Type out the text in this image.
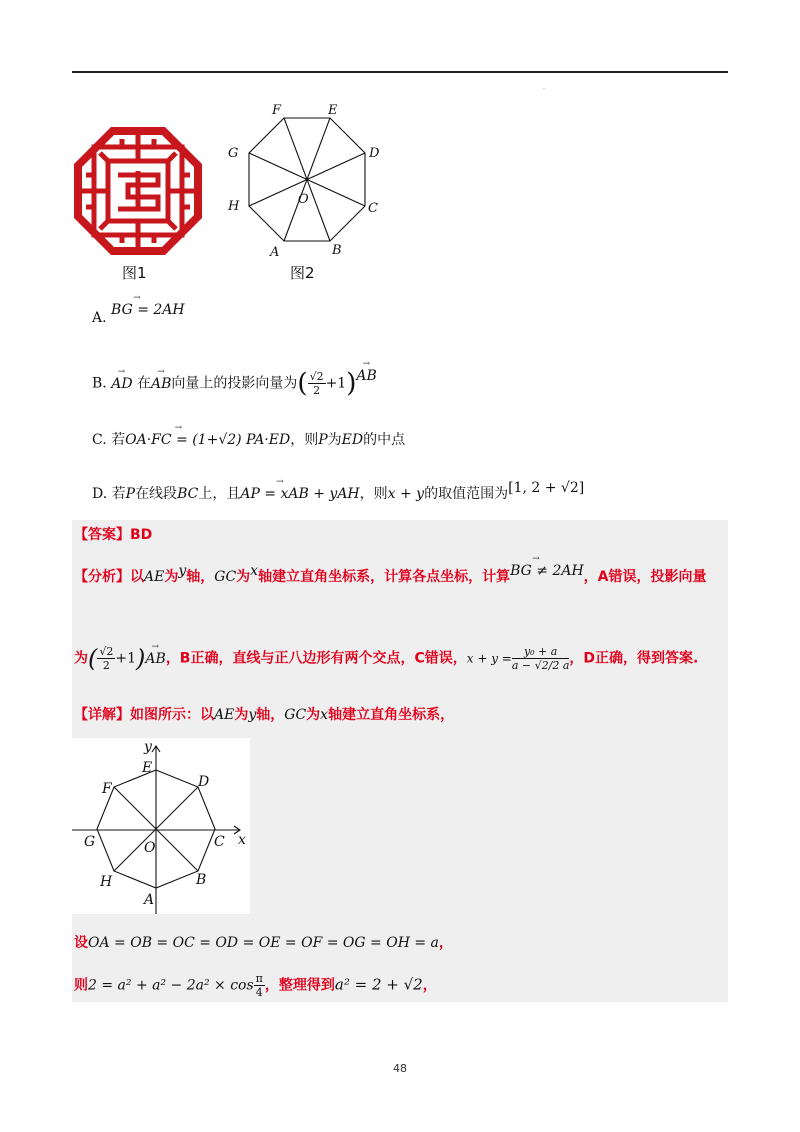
·
图1
F	E
G	D
H	C
A	B
O
图2
A. → BG = 2AH
B. → AD 在→ AB向量上的投影向量为( $\frac{√2}{2} +1)\to$ AB
C. 若→ OA·FC = (1+√2) PA·ED，则P为ED的中点
D. 若P在线段BC上，且→ AP = xAB + yAH，则x + y的取值范围为[1, 2 + √2]
【答案】BD
【分析】以AE为y轴，GC为x轴建立直角坐标系，计算各点坐标，计算→ BG ≠ 2AH，A错误，投影向量
为( $\frac{√2}{2} +1)\to$ AB，B正确，直线与正八边形有两个交点，C错误，$x + y = \frac{\text{y₀ + a}}{a - √2/2 a}$ ，D正确，得到答案.
【详解】如图所示：以AE为y轴，GC为x轴建立直角坐标系，
y
x
E
D
F
G	C
O
H	B
A
设OA = OB = OC = OD = OE = OF = OG = OH = a，
则$2 = a^2 + a^2 - 2a^2 \times \cos \frac{\pi}{4}$ ，整理得到a² = 2 + √2，
48
